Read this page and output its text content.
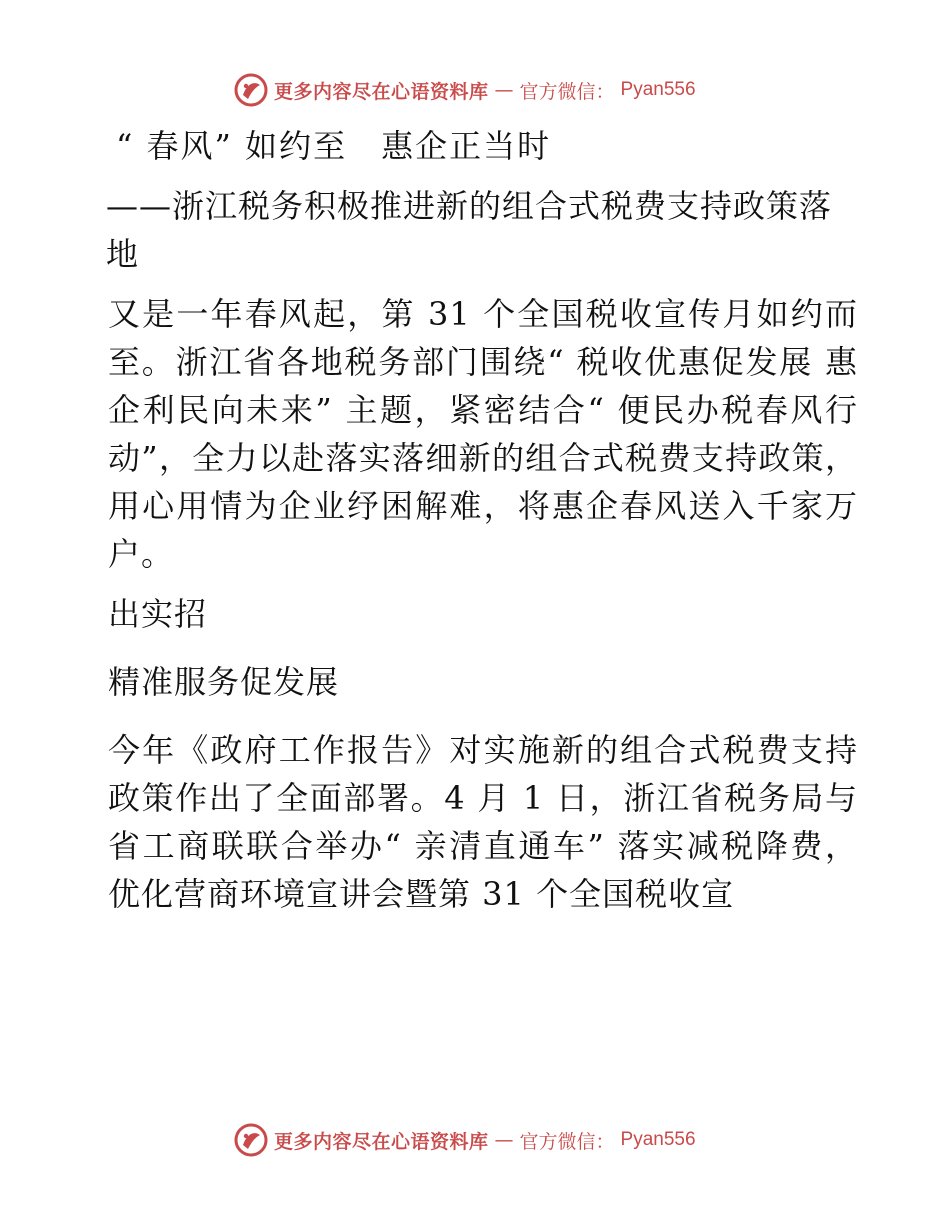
更多内容尽在心语资料库 — 官方微信： Pyan556
“ 春风” 如约至　惠企正当时
——浙江税务积极推进新的组合式税费支持政策落地

又是一年春风起，第 31 个全国税收宣传月如约而至。浙江省各地税务部门围绕“ 税收优惠促发展 惠企利民向未来” 主题，紧密结合“ 便民办税春风行动”，全力以赴落实落细新的组合式税费支持政策，用心用情为企业纾困解难，将惠企春风送入千家万户。

出实招

精准服务促发展

今年《政府工作报告》对实施新的组合式税费支持政策作出了全面部署。4 月 1 日，浙江省税务局与省工商联联合举办“ 亲清直通车” 落实减税降费，优化营商环境宣讲会暨第 31 个全国税收宣

更多内容尽在心语资料库 — 官方微信： Pyan556
